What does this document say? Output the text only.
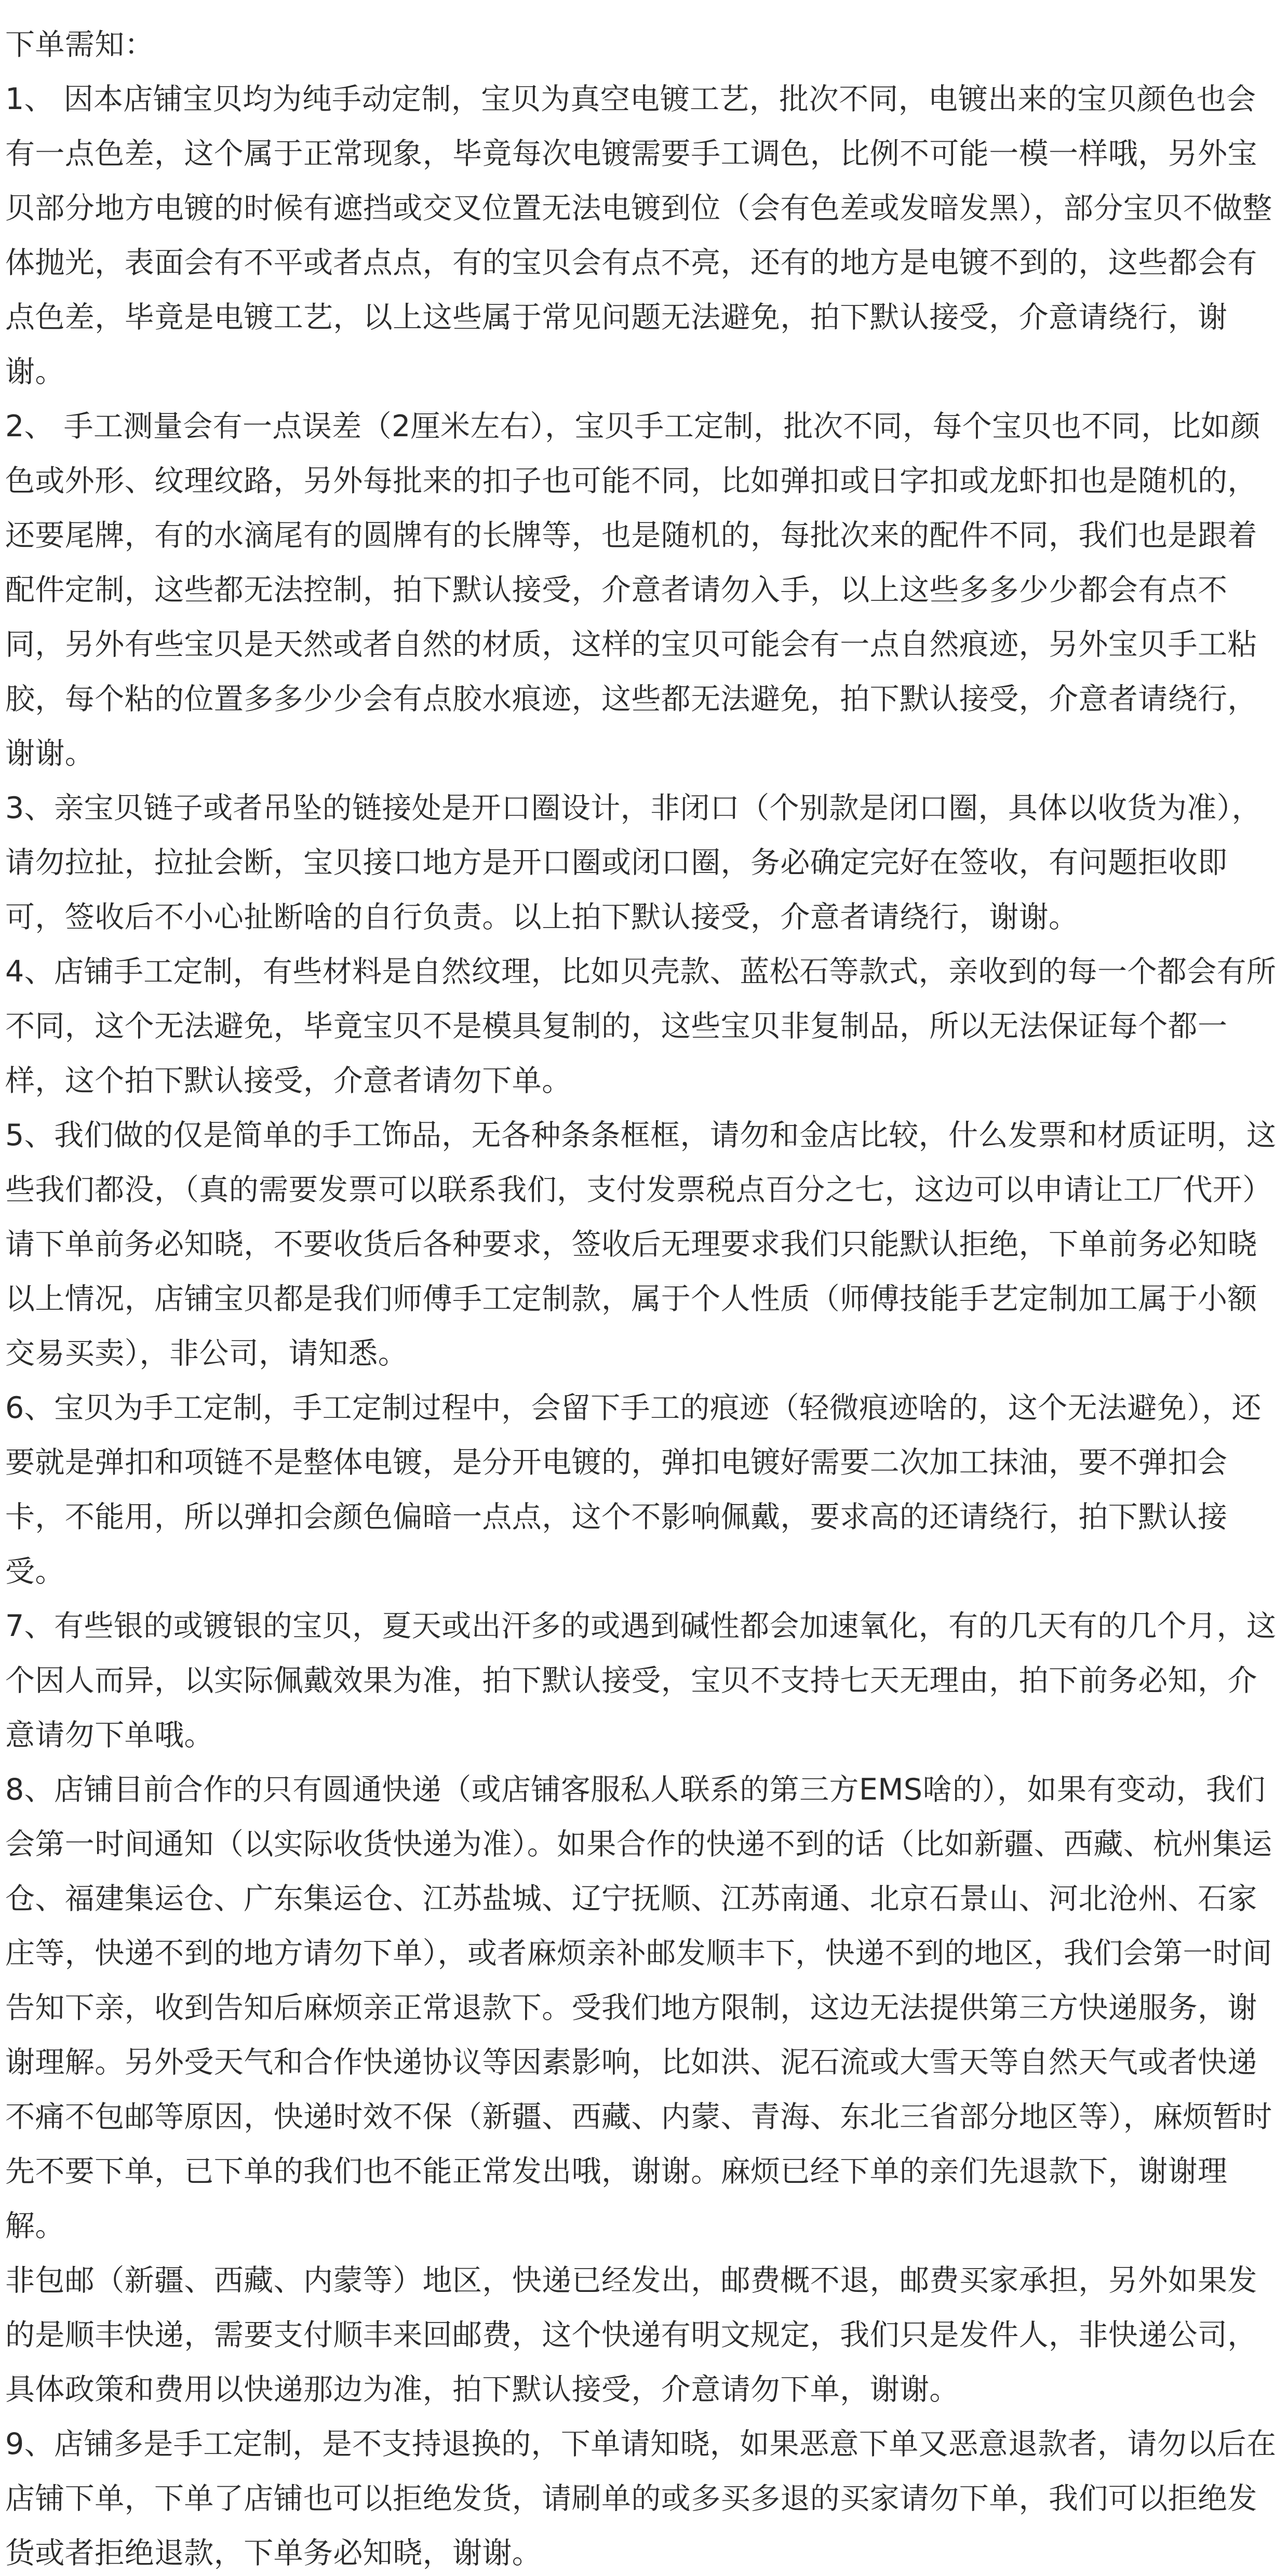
下单需知：

1、 因本店铺宝贝均为纯手动定制，宝贝为真空电镀工艺，批次不同，电镀出来的宝贝颜色也会有一点色差，这个属于正常现象，毕竟每次电镀需要手工调色，比例不可能一模一样哦，另外宝贝部分地方电镀的时候有遮挡或交叉位置无法电镀到位（会有色差或发暗发黑），部分宝贝不做整体抛光，表面会有不平或者点点，有的宝贝会有点不亮，还有的地方是电镀不到的，这些都会有点色差，毕竟是电镀工艺，以上这些属于常见问题无法避免，拍下默认接受，介意请绕行，谢谢。

2、 手工测量会有一点误差（2厘米左右），宝贝手工定制，批次不同，每个宝贝也不同，比如颜色或外形、纹理纹路，另外每批来的扣子也可能不同，比如弹扣或日字扣或龙虾扣也是随机的，还要尾牌，有的水滴尾有的圆牌有的长牌等，也是随机的，每批次来的配件不同，我们也是跟着配件定制，这些都无法控制，拍下默认接受，介意者请勿入手，以上这些多多少少都会有点不同，另外有些宝贝是天然或者自然的材质，这样的宝贝可能会有一点自然痕迹，另外宝贝手工粘胶，每个粘的位置多多少少会有点胶水痕迹，这些都无法避免，拍下默认接受，介意者请绕行，谢谢。

3、亲宝贝链子或者吊坠的链接处是开口圈设计，非闭口（个别款是闭口圈，具体以收货为准），请勿拉扯，拉扯会断，宝贝接口地方是开口圈或闭口圈，务必确定完好在签收，有问题拒收即可，签收后不小心扯断啥的自行负责。以上拍下默认接受，介意者请绕行，谢谢。

4、店铺手工定制，有些材料是自然纹理，比如贝壳款、蓝松石等款式，亲收到的每一个都会有所不同，这个无法避免，毕竟宝贝不是模具复制的，这些宝贝非复制品，所以无法保证每个都一样，这个拍下默认接受，介意者请勿下单。

5、我们做的仅是简单的手工饰品，无各种条条框框，请勿和金店比较，什么发票和材质证明，这些我们都没，（真的需要发票可以联系我们，支付发票税点百分之七，这边可以申请让工厂代开）请下单前务必知晓，不要收货后各种要求，签收后无理要求我们只能默认拒绝，下单前务必知晓以上情况，店铺宝贝都是我们师傅手工定制款，属于个人性质（师傅技能手艺定制加工属于小额交易买卖），非公司，请知悉。

6、宝贝为手工定制，手工定制过程中，会留下手工的痕迹（轻微痕迹啥的，这个无法避免），还要就是弹扣和项链不是整体电镀，是分开电镀的，弹扣电镀好需要二次加工抹油，要不弹扣会卡，不能用，所以弹扣会颜色偏暗一点点，这个不影响佩戴，要求高的还请绕行，拍下默认接受。

7、有些银的或镀银的宝贝，夏天或出汗多的或遇到碱性都会加速氧化，有的几天有的几个月，这个因人而异，以实际佩戴效果为准，拍下默认接受，宝贝不支持七天无理由，拍下前务必知，介意请勿下单哦。

8、店铺目前合作的只有圆通快递（或店铺客服私人联系的第三方EMS啥的），如果有变动，我们会第一时间通知（以实际收货快递为准）。如果合作的快递不到的话（比如新疆、西藏、杭州集运仓、福建集运仓、广东集运仓、江苏盐城、辽宁抚顺、江苏南通、北京石景山、河北沧州、石家庄等，快递不到的地方请勿下单），或者麻烦亲补邮发顺丰下，快递不到的地区，我们会第一时间告知下亲，收到告知后麻烦亲正常退款下。受我们地方限制，这边无法提供第三方快递服务，谢谢理解。另外受天气和合作快递协议等因素影响，比如洪、泥石流或大雪天等自然天气或者快递不痛不包邮等原因，快递时效不保（新疆、西藏、内蒙、青海、东北三省部分地区等），麻烦暂时先不要下单，已下单的我们也不能正常发出哦，谢谢。麻烦已经下单的亲们先退款下，谢谢理解。

非包邮（新疆、西藏、内蒙等）地区，快递已经发出，邮费概不退，邮费买家承担，另外如果发的是顺丰快递，需要支付顺丰来回邮费，这个快递有明文规定，我们只是发件人，非快递公司，具体政策和费用以快递那边为准，拍下默认接受，介意请勿下单，谢谢。

9、店铺多是手工定制，是不支持退换的，下单请知晓，如果恶意下单又恶意退款者，请勿以后在店铺下单，下单了店铺也可以拒绝发货，请刷单的或多买多退的买家请勿下单，我们可以拒绝发货或者拒绝退款，下单务必知晓，谢谢。
